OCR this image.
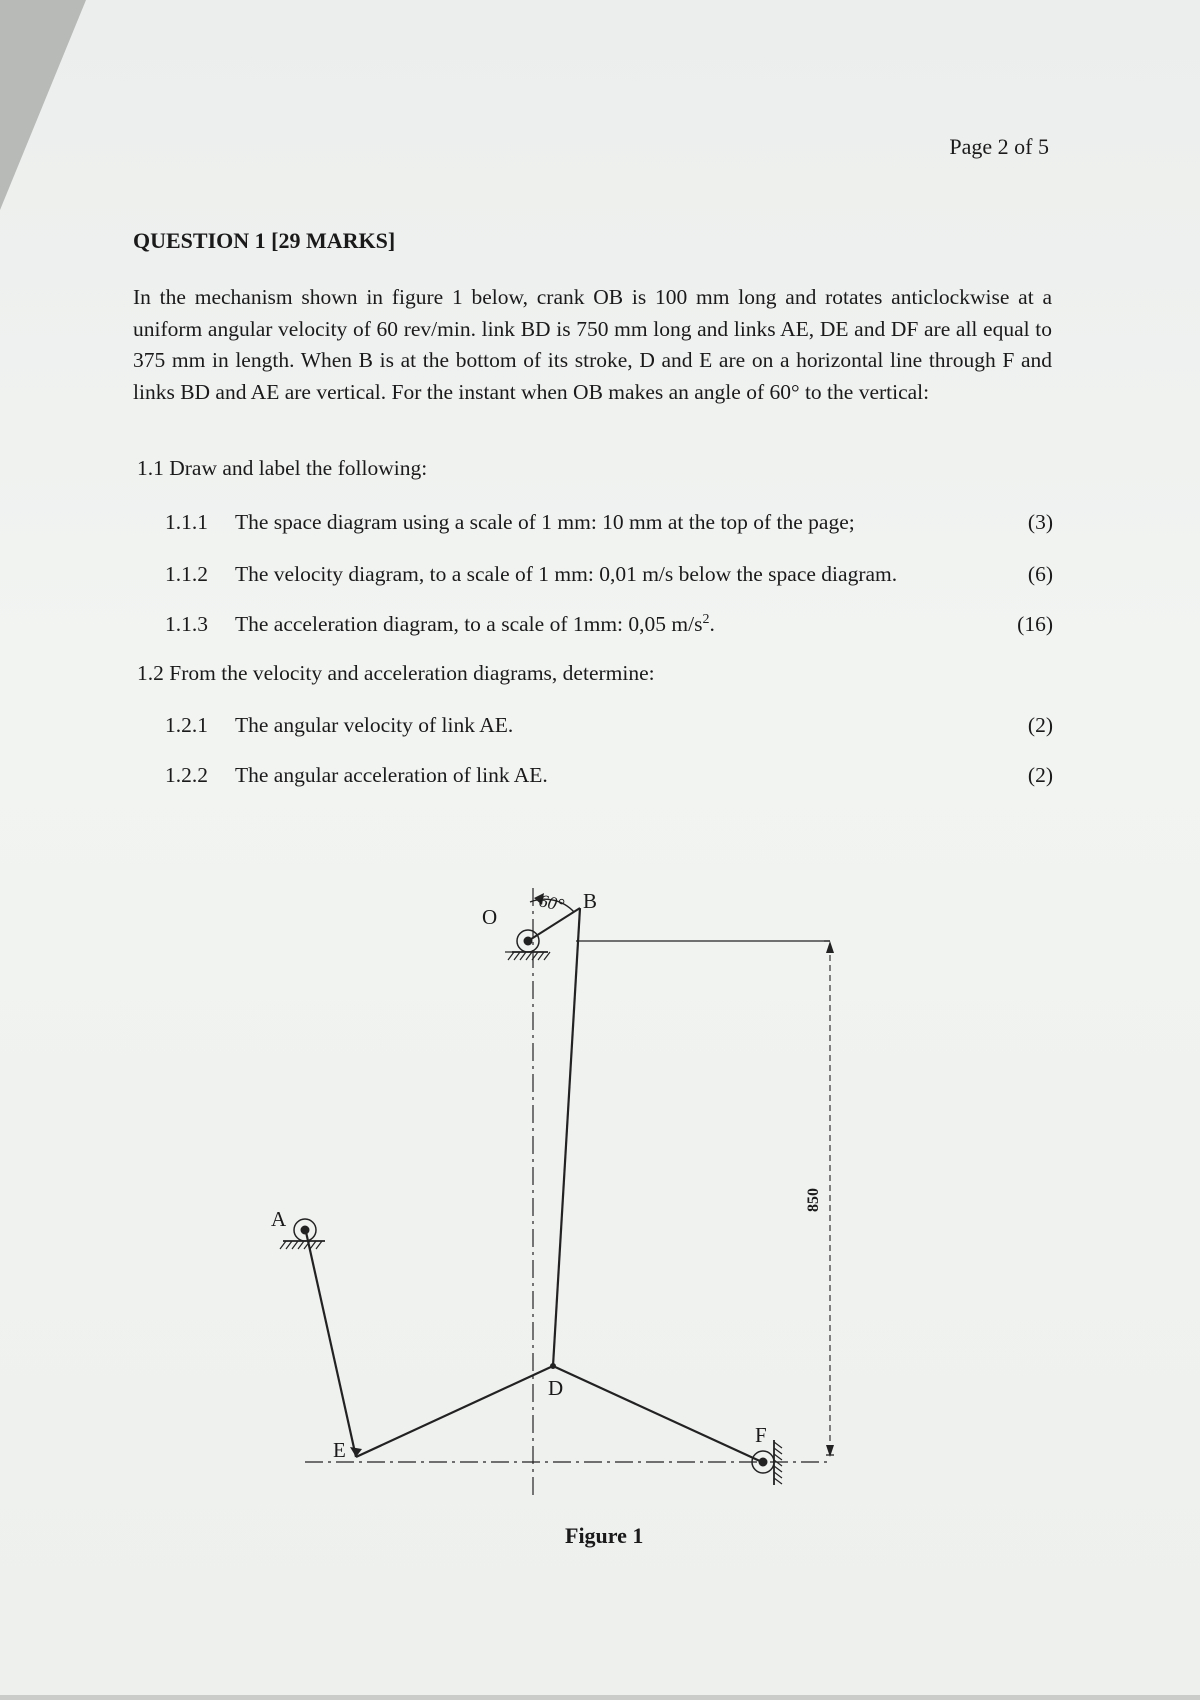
Page 2 of 5
QUESTION 1 [29 MARKS]
In the mechanism shown in figure 1 below, crank OB is 100 mm long and rotates anticlockwise at a uniform angular velocity of 60 rev/min. link BD is 750 mm long and links AE, DE and DF are all equal to 375 mm in length. When B is at the bottom of its stroke, D and E are on a horizontal line through F and links BD and AE are vertical. For the instant when OB makes an angle of 60° to the vertical:
1.1 Draw and label the following:
1.1.1	The space diagram using a scale of 1 mm: 10 mm at the top of the page;	(3)
1.1.2	The velocity diagram, to a scale of 1 mm: 0,01 m/s below the space diagram.	(6)
1.1.3	The acceleration diagram, to a scale of 1mm: 0,05 $m/s^2$.	(16)
1.2 From the velocity and acceleration diagrams, determine:
1.2.1	The angular velocity of link AE.	(2)
1.2.2	The angular acceleration of link AE.	(2)
O
B
60°
A
D
E
F
850
Figure 1
